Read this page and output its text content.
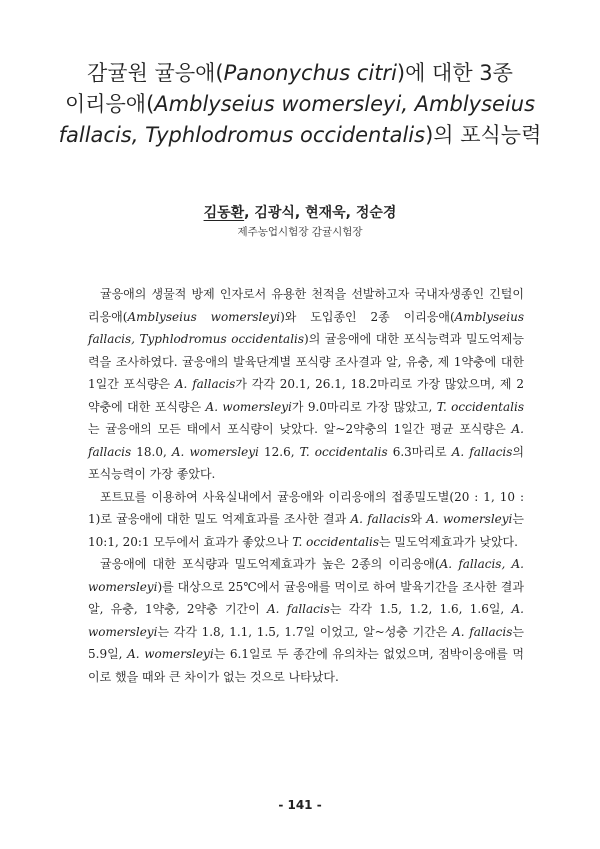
감귤원 귤응애(Panonychus citri)에 대한 3종
이리응애(Amblyseius womersleyi, Amblyseius
fallacis, Typhlodromus occidentalis)의 포식능력
김동환, 김광식, 현재욱, 정순경
제주농업시험장 감귤시험장

귤응애의 생물적 방제 인자로서 유용한 천적을 선발하고자 국내자생종인 긴털이리응애(Amblyseius womersleyi)와 도입종인 2종 이리응애(Amblyseius fallacis, Typhlodromus occidentalis)의 귤응애에 대한 포식능력과 밀도억제능력을 조사하였다. 귤응애의 발육단계별 포식량 조사결과 알, 유충, 제 1약충에 대한 1일간 포식량은 A. fallacis가 각각 20.1, 26.1, 18.2마리로 가장 많았으며, 제 2약충에 대한 포식량은 A. womersleyi가 9.0마리로 가장 많았고, T. occidentalis는 귤응애의 모든 태에서 포식량이 낮았다. 알~2약충의 1일간 평균 포식량은 A. fallacis 18.0, A. womersleyi 12.6, T. occidentalis 6.3마리로 A. fallacis의 포식능력이 가장 좋았다.

포트묘를 이용하여 사육실내에서 귤응애와 이리응애의 접종밀도별(20 : 1, 10 : 1)로 귤응애에 대한 밀도 억제효과를 조사한 결과 A. fallacis와 A. womersleyi는 10:1, 20:1 모두에서 효과가 좋았으나 T. occidentalis는 밀도억제효과가 낮았다.

귤응애에 대한 포식량과 밀도억제효과가 높은 2종의 이리응애(A. fallacis, A. womersleyi)를 대상으로 25℃에서 귤응애를 먹이로 하여 발육기간을 조사한 결과 알, 유충, 1약충, 2약충 기간이 A. fallacis는 각각 1.5, 1.2, 1.6, 1.6일, A. womersleyi는 각각 1.8, 1.1, 1.5, 1.7일 이었고, 알~성충 기간은 A. fallacis는 5.9일, A. womersleyi는 6.1일로 두 종간에 유의차는 없었으며, 점박이응애를 먹이로 했을 때와 큰 차이가 없는 것으로 나타났다.

- 141 -
